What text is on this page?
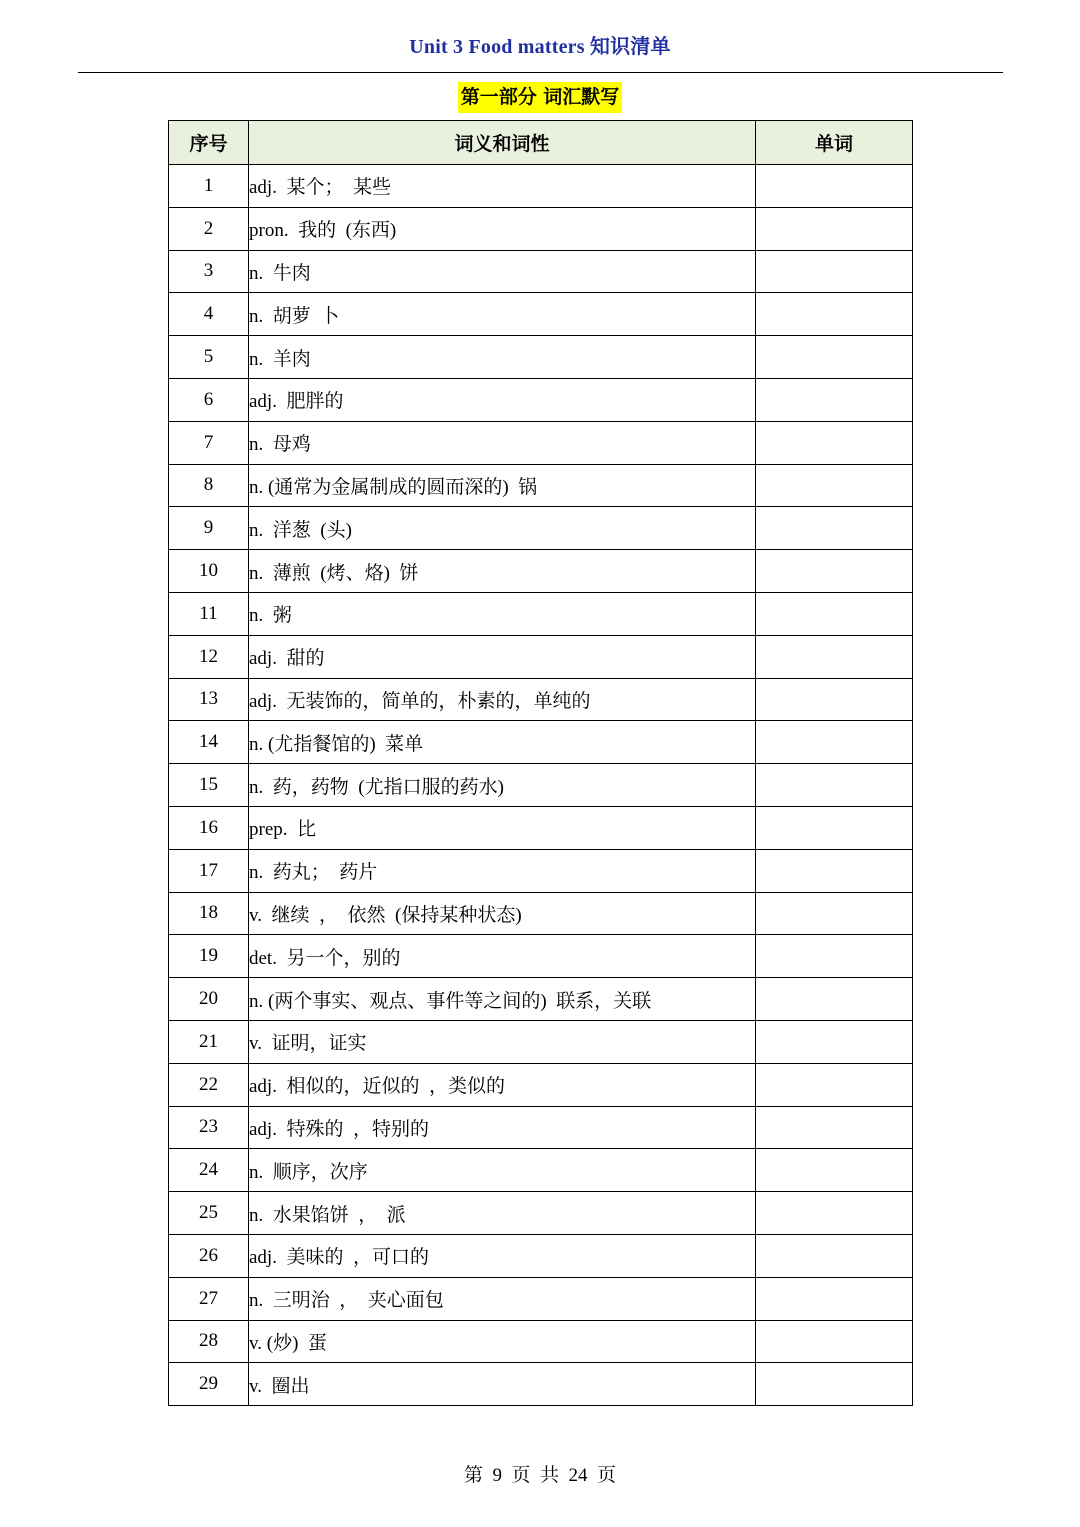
Unit 3 Food matters 知识清单
第一部分 词汇默写
序号	词义和词性	单词
1	adj.  某个；  某些	
2	pron.  我的  (东西)	
3	n.  牛肉	
4	n.  胡萝  卜	
5	n.  羊肉	
6	adj.  肥胖的	
7	n.  母鸡	
8	n. (通常为金属制成的圆而深的)  锅	
9	n.  洋葱  (头)	
10	n.  薄煎  (烤、烙)  饼	
11	n.  粥	
12	adj.  甜的	
13	adj.  无装饰的，简单的，朴素的，单纯的	
14	n. (尤指餐馆的)  菜单	
15	n.  药，药物  (尤指口服的药水)	
16	prep.  比	
17	n.  药丸；  药片	
18	v.  继续  ，  依然  (保持某种状态)	
19	det.  另一个，别的	
20	n. (两个事实、观点、事件等之间的)  联系，关联	
21	v.  证明，证实	
22	adj.  相似的，近似的  ，类似的	
23	adj.  特殊的  ，特别的	
24	n.  顺序，次序	
25	n.  水果馅饼  ，  派	
26	adj.  美味的  ，可口的	
27	n.  三明治  ，  夹心面包	
28	v. (炒)  蛋	
29	v.  圈出	
第  9  页  共  24  页
